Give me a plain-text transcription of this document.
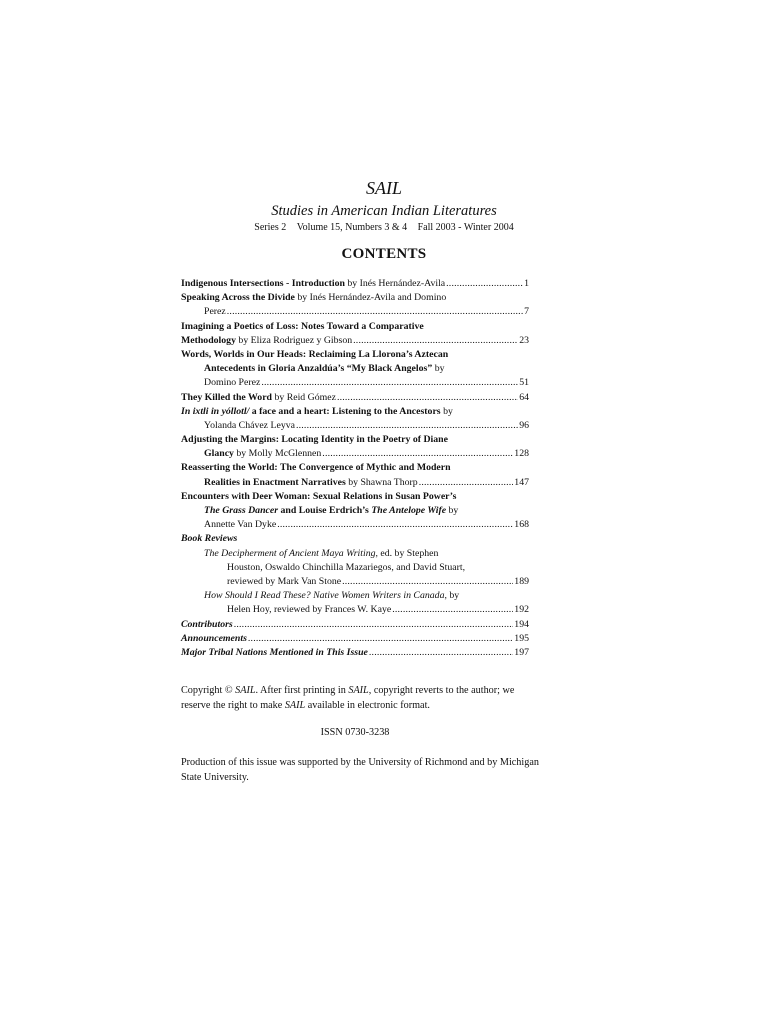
SAIL
Studies in American Indian Literatures
Series 2 Volume 15, Numbers 3 & 4 Fall 2003 - Winter 2004
CONTENTS
Indigenous Intersections - Introduction by Inés Hernández-Avila .....	1
Speaking Across the Divide by Inés Hernández-Avila and Domino
Perez .....	7
Imagining a Poetics of Loss: Notes Toward a Comparative
Methodology by Eliza Rodriguez y Gibson .....	23
Words, Worlds in Our Heads: Reclaiming La Llorona’s Aztecan
Antecedents in Gloria Anzaldúa’s “My Black Angelos” by
Domino Perez .....	51
They Killed the Word by Reid Gómez .....	64
In ixtli in yóllotl/ a face and a heart: Listening to the Ancestors by
Yolanda Chávez Leyva .....	96
Adjusting the Margins: Locating Identity in the Poetry of Diane
Glancy by Molly McGlennen .....	128
Reasserting the World: The Convergence of Mythic and Modern
Realities in Enactment Narratives by Shawna Thorp .....	147
Encounters with Deer Woman: Sexual Relations in Susan Power’s
The Grass Dancer and Louise Erdrich’s The Antelope Wife by
Annette Van Dyke .....	168
Book Reviews
The Decipherment of Ancient Maya Writing, ed. by Stephen
Houston, Oswaldo Chinchilla Mazariegos, and David Stuart,
reviewed by Mark Van Stone .....	189
How Should I Read These? Native Women Writers in Canada, by
Helen Hoy, reviewed by Frances W. Kaye .....	192
Contributors .....	194
Announcements .....	195
Major Tribal Nations Mentioned in This Issue .....	197
Copyright © SAIL. After first printing in SAIL, copyright reverts to the author; we reserve the right to make SAIL available in electronic format.
ISSN 0730-3238
Production of this issue was supported by the University of Richmond and by Michigan State University.
